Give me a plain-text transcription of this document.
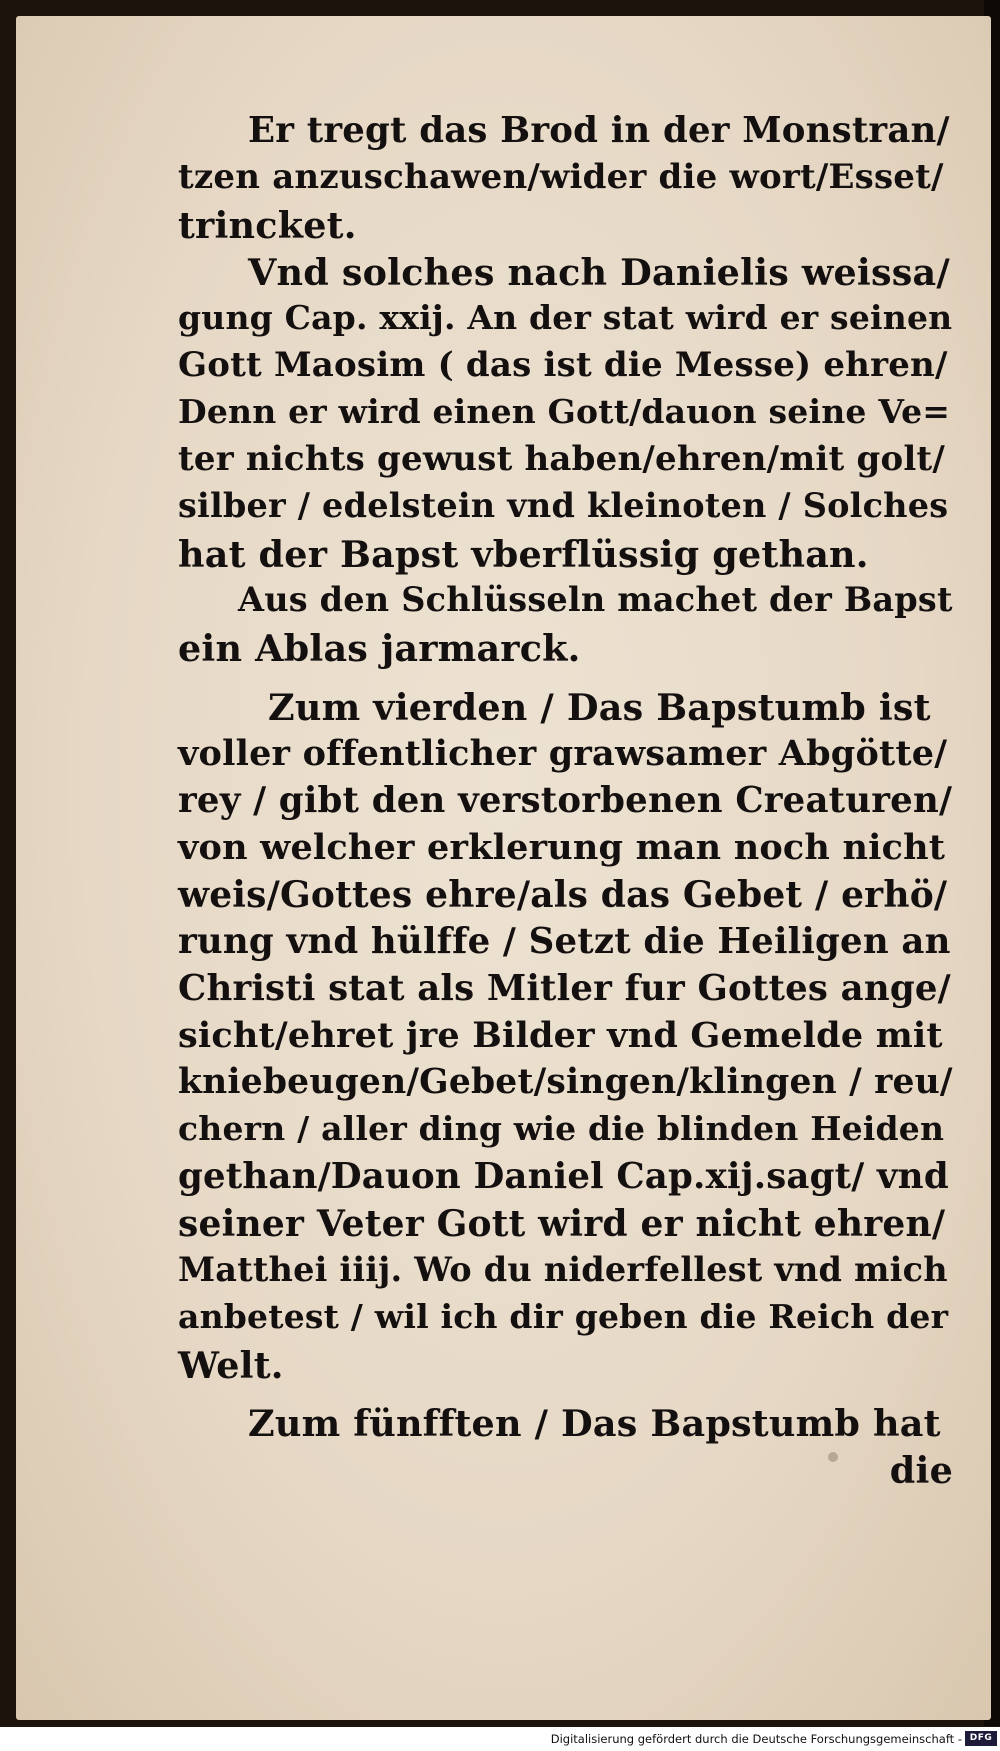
Er tregt das Brod in der Monstran/
tzen anzuschawen/wider die wort/Esset/
trincket.
Vnd solches nach Danielis weissa/
gung Cap. xxij. An der stat wird er seinen
Gott Maosim ( das ist die Messe) ehren/
Denn er wird einen Gott/dauon seine Ve=
ter nichts gewust haben/ehren/mit golt/
silber / edelstein vnd kleinoten / Solches
hat der Bapst vberflüssig gethan.
Aus den Schlüsseln machet der Bapst
ein Ablas jarmarck.
Zum vierden / Das Bapstumb ist
voller offentlicher grawsamer Abgötte/
rey / gibt den verstorbenen Creaturen/
von welcher erklerung man noch nicht
weis/Gottes ehre/als das Gebet / erhö/
rung vnd hülffe / Setzt die Heiligen an
Christi stat als Mitler fur Gottes ange/
sicht/ehret jre Bilder vnd Gemelde mit
kniebeugen/Gebet/singen/klingen / reu/
chern / aller ding wie die blinden Heiden
gethan/Dauon Daniel Cap.xij.sagt/ vnd
seiner Veter Gott wird er nicht ehren/
Matthei iiij. Wo du niderfellest vnd mich
anbetest / wil ich dir geben die Reich der
Welt.
Zum fünfften / Das Bapstumb hat
die
Digitalisierung gefördert durch die Deutsche Forschungsgemeinschaft - DFG
